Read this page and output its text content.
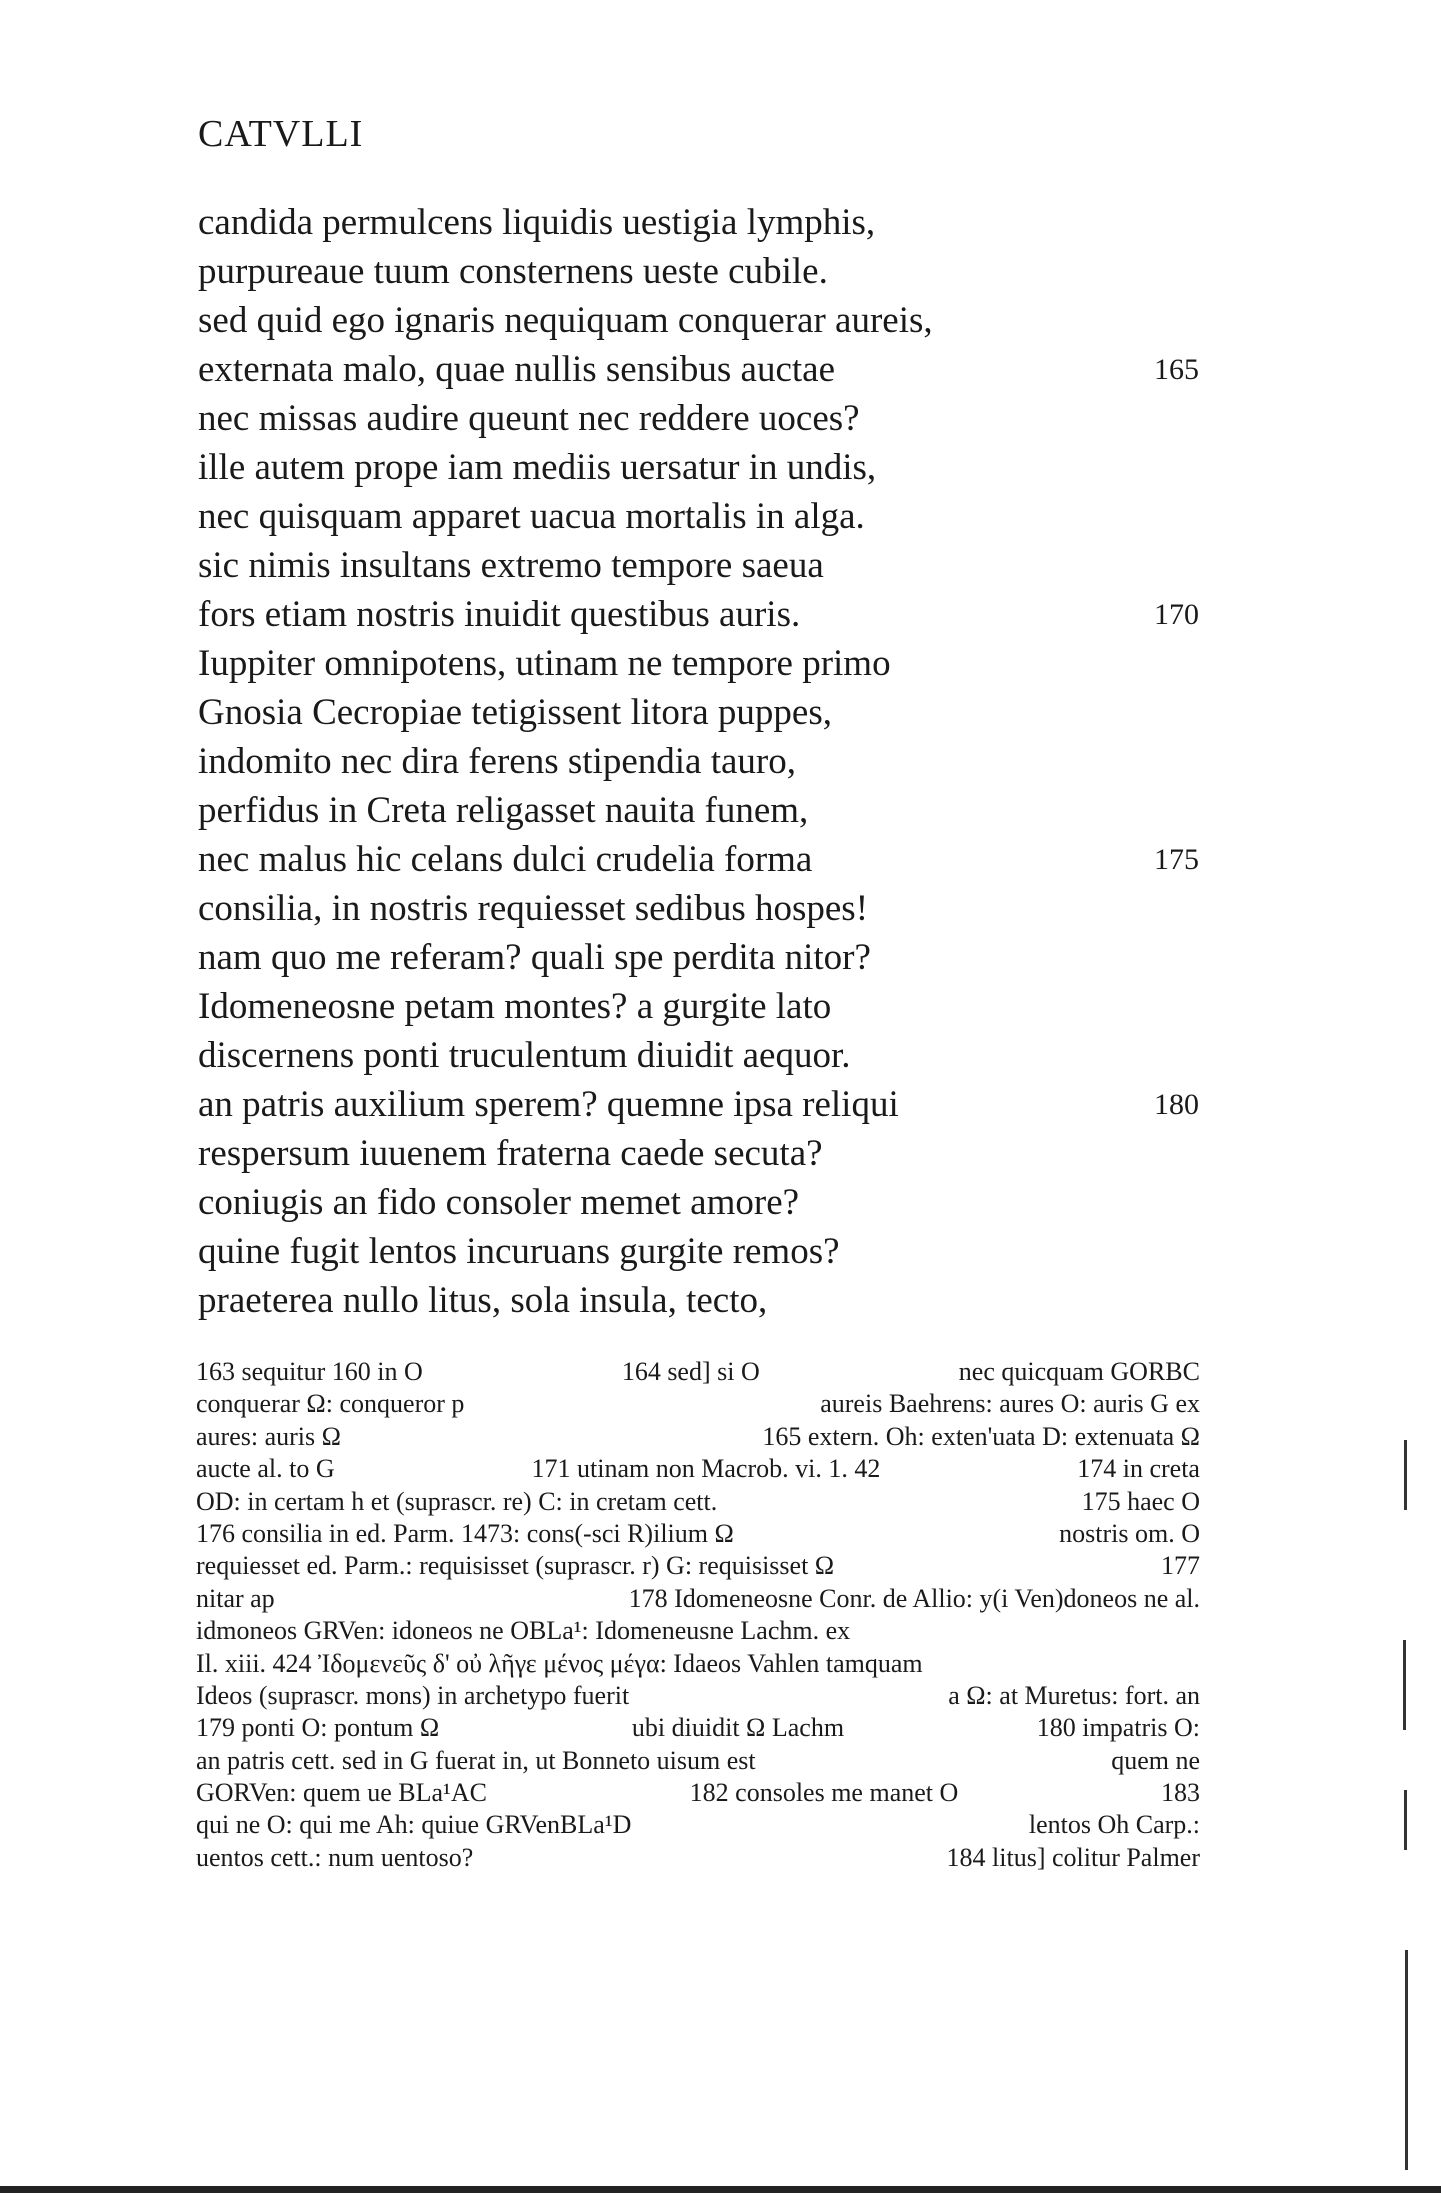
CATVLLI
candida permulcens liquidis uestigia lymphis,
purpureaue tuum consternens ueste cubile.
sed quid ego ignaris nequiquam conquerar aureis,
externata malo, quae nullis sensibus auctae	165
nec missas audire queunt nec reddere uoces?
ille autem prope iam mediis uersatur in undis,
nec quisquam apparet uacua mortalis in alga.
sic nimis insultans extremo tempore saeua
fors etiam nostris inuidit questibus auris.	170
Iuppiter omnipotens, utinam ne tempore primo
Gnosia Cecropiae tetigissent litora puppes,
indomito nec dira ferens stipendia tauro,
perfidus in Creta religasset nauita funem,
nec malus hic celans dulci crudelia forma	175
consilia, in nostris requiesset sedibus hospes!
nam quo me referam? quali spe perdita nitor?
Idomeneosne petam montes? a gurgite lato
discernens ponti truculentum diuidit aequor.
an patris auxilium sperem? quemne ipsa reliqui	180
respersum iuuenem fraterna caede secuta?
coniugis an fido consoler memet amore?
quine fugit lentos incuruans gurgite remos?
praeterea nullo litus, sola insula, tecto,
163 sequitur 160 in O	164 sed] si O	nec quicquam GORBC
conquerar Ω: conqueror p	aureis Baehrens: aures O: auris G ex
aures: auris Ω	165 extern. Oh: exten'uata D: extenuata Ω
aucte al. to G	171 utinam non Macrob. vi. 1. 42	174 in creta
OD: in certam h et (suprascr. re) C: in cretam cett.	175 haec O
176 consilia in ed. Parm. 1473: cons(-sci R)ilium Ω	nostris om. O
requiesset ed. Parm.: requisisset (suprascr. r) G: requisisset Ω	177
nitar ap	178 Idomeneosne Conr. de Allio: y(i Ven)doneos ne al.
idmoneos GRVen: idoneos ne OBLa¹: Idomeneusne Lachm. ex
Il. xiii. 424 Ἰδομενεῦς δ' οὐ λῆγε μένος μέγα: Idaeos Vahlen tamquam
Ideos (suprascr. mons) in archetypo fuerit	a Ω: at Muretus: fort. an
179 ponti O: pontum Ω	ubi diuidit Ω Lachm	180 impatris O:
an patris cett. sed in G fuerat in, ut Bonneto uisum est	quem ne
GORVen: quem ue BLa¹AC	182 consoles me manet O	183
qui ne O: qui me Ah: quiue GRVenBLa¹D	lentos Oh Carp.:
uentos cett.: num uentoso?	184 litus] colitur Palmer
